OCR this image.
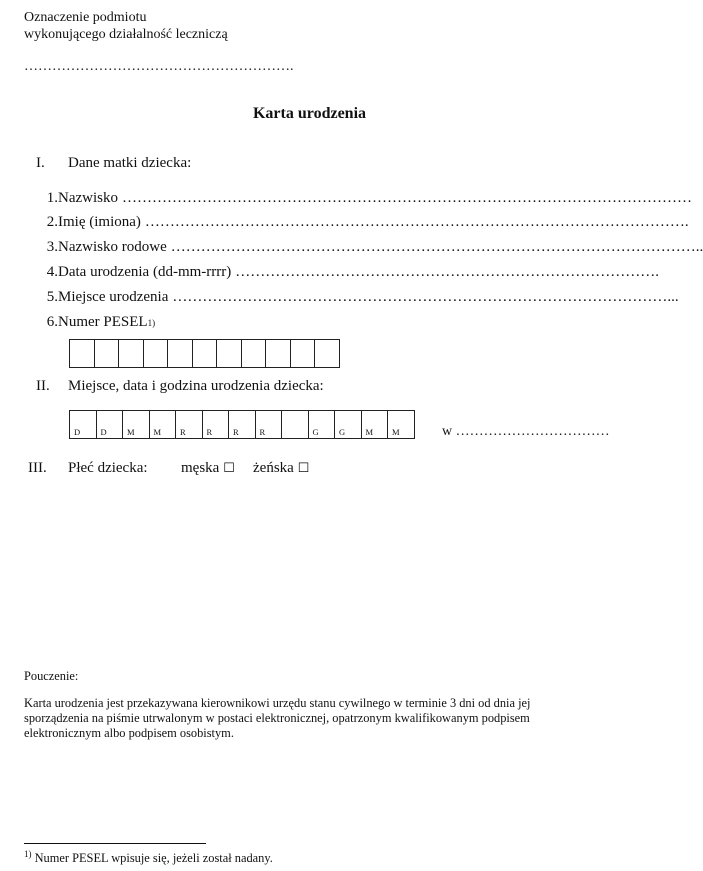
Oznaczenie podmiotu
wykonującego działalność leczniczą
………………………………………………….
Karta urodzenia
I. Dane matki dziecka:
1. Nazwisko ……………………………………………………………………………………………………
2. Imię (imiona) ……………………………………………………………………………………………….
3. Nazwisko rodowe ……………………………………………………………………………………………..
4. Data urodzenia (dd-mm-rrrr) ………………………………………………………………………….
5. Miejsce urodzenia ………………………………………………………………………………………...
6. Numer PESEL 1)
II. Miejsce, data i godzina urodzenia dziecka:
D D M M R R R R	G G M M	w ……………………………
III. Płeć dziecka: męska ☐ żeńska ☐
Pouczenie:
Karta urodzenia jest przekazywana kierownikowi urzędu stanu cywilnego w terminie 3 dni od dnia jej
sporządzenia na piśmie utrwalonym w postaci elektronicznej, opatrzonym kwalifikowanym podpisem
elektronicznym albo podpisem osobistym.
$^{1)}$ Numer PESEL wpisuje się, jeżeli został nadany.
